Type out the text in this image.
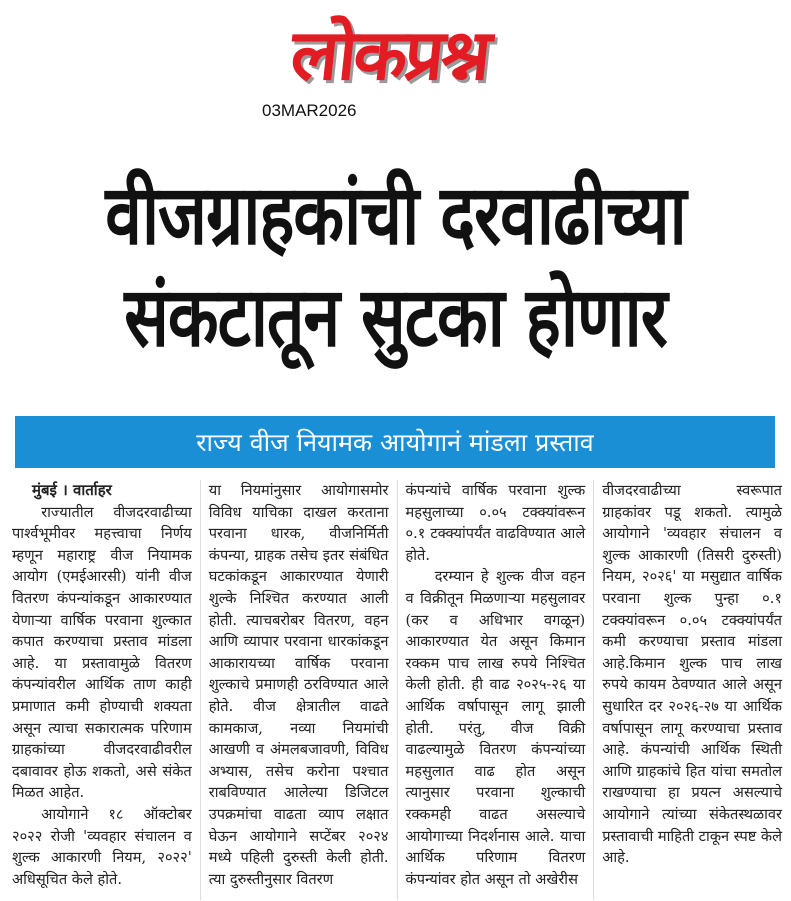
लोकप्रश्न
03MAR2026
वीजग्राहकांची दरवाढीच्या
संकटातून सुटका होणार
राज्य वीज नियामक आयोगानं मांडला प्रस्ताव
मुंबई । वार्ताहर

राज्यातील वीजदरवाढीच्या पार्श्वभूमीवर महत्त्वाचा निर्णय म्हणून महाराष्ट्र वीज नियामक आयोग (एमईआरसी) यांनी वीज वितरण कंपन्यांकडून आकारण्यात येणाऱ्या वार्षिक परवाना शुल्कात कपात करण्याचा प्रस्ताव मांडला आहे. या प्रस्तावामुळे वितरण कंपन्यांवरील आर्थिक ताण काही प्रमाणात कमी होण्याची शक्यता असून त्याचा सकारात्मक परिणाम ग्राहकांच्या वीजदरवाढीवरील दबावावर होऊ शकतो, असे संकेत मिळत आहेत.

आयोगाने १८ ऑक्टोबर २०२२ रोजी 'व्यवहार संचालन व शुल्क आकारणी नियम, २०२२' अधिसूचित केले होते.

या नियमांनुसार आयोगासमोर विविध याचिका दाखल करताना परवाना धारक, वीजनिर्मिती कंपन्या, ग्राहक तसेच इतर संबंधित घटकांकडून आकारण्यात येणारी शुल्के निश्चित करण्यात आली होती. त्याचबरोबर वितरण, वहन आणि व्यापार परवाना धारकांकडून आकारायच्या वार्षिक परवाना शुल्काचे प्रमाणही ठरविण्यात आले होते. वीज क्षेत्रातील वाढते कामकाज, नव्या नियमांची आखणी व अंमलबजावणी, विविध अभ्यास, तसेच करोना पश्चात राबविण्यात आलेल्या डिजिटल उपक्रमांचा वाढता व्याप लक्षात घेऊन आयोगाने सप्टेंबर २०२४ मध्ये पहिली दुरुस्ती केली होती. त्या दुरुस्तीनुसार वितरण

कंपन्यांचे वार्षिक परवाना शुल्क महसुलाच्या ०.०५ टक्क्यांवरून ०.१ टक्क्यांपर्यंत वाढविण्यात आले होते.

दरम्यान हे शुल्क वीज वहन व विक्रीतून मिळणाऱ्या महसुलावर (कर व अधिभार वगळून) आकारण्यात येत असून किमान रक्कम पाच लाख रुपये निश्चित केली होती. ही वाढ २०२५-२६ या आर्थिक वर्षापासून लागू झाली होती. परंतु, वीज विक्री वाढल्यामुळे वितरण कंपन्यांच्या महसुलात वाढ होत असून त्यानुसार परवाना शुल्काची रक्कमही वाढत असल्याचे आयोगाच्या निदर्शनास आले. याचा आर्थिक परिणाम वितरण कंपन्यांवर होत असून तो अखेरीस

वीजदरवाढीच्या स्वरूपात ग्राहकांवर पडू शकतो. त्यामुळे आयोगाने 'व्यवहार संचालन व शुल्क आकारणी (तिसरी दुरुस्ती) नियम, २०२६' या मसुद्यात वार्षिक परवाना शुल्क पुन्हा ०.१ टक्क्यांवरून ०.०५ टक्क्यांपर्यंत कमी करण्याचा प्रस्ताव मांडला आहे.किमान शुल्क पाच लाख रुपये कायम ठेवण्यात आले असून सुधारित दर २०२६-२७ या आर्थिक वर्षापासून लागू करण्याचा प्रस्ताव आहे. कंपन्यांची आर्थिक स्थिती आणि ग्राहकांचे हित यांचा समतोल राखण्याचा हा प्रयत्न असल्याचे आयोगाने त्यांच्या संकेतस्थळावर प्रस्तावाची माहिती टाकून स्पष्ट केले आहे.
